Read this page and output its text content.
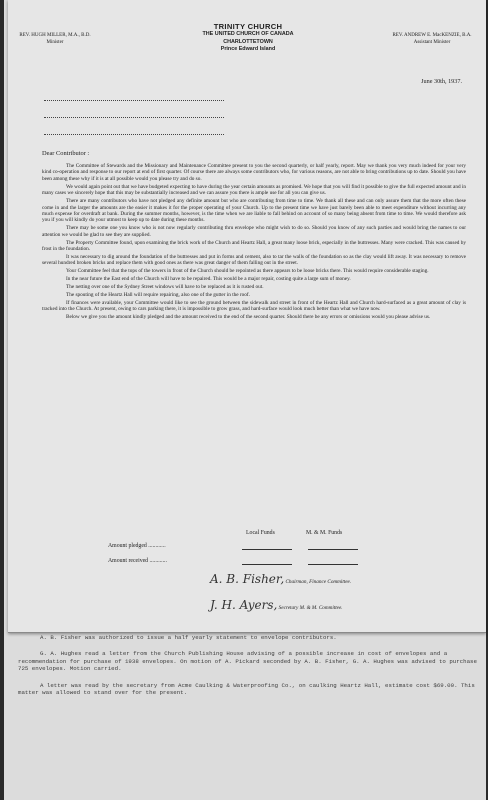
REV. HUGH MILLER, M.A., B.D.
Minister
TRINITY CHURCH
THE UNITED CHURCH OF CANADA
CHARLOTTETOWN
Prince Edward Island
REV. ANDREW E. MacKENZIE, B.A.
Assistant Minister
June 30th, 1937.
Dear Contributor :

The Committee of Stewards and the Missionary and Maintenance Committee present to you the second quarterly, or half yearly, report. May we thank you very much indeed for your very kind co-operation and response to our report at end of first quarter. Of course there are always some contributors who, for various reasons, are not able to bring contributions up to date. Should you have been among these why if it is at all possible would you please try and do so.

We would again point out that we have budgeted expecting to have during the year certain amounts as promised. We hope that you will find it possible to give the full expected amount and in many cases we sincerely hope that this may be substantially increased and we can assure you there is ample use for all you can give us.

There are many contributors who have not pledged any definite amount but who are contributing from time to time. We thank all these and can only assure them that the more often these come in and the larger the amounts are the easier it makes it for the proper operating of your Church. Up to the present time we have just barely been able to meet expenditure without incurring any much expense for overdraft at bank. During the summer months, however, is the time when we are liable to fall behind on account of so many being absent from time to time. We would therefore ask you if you will kindly do your utmost to keep up to date during these months.

There may be some one you know who is not now regularly contributing thru envelope who might wish to do so. Should you know of any such parties and would bring the names to our attention we would be glad to see they are supplied.

The Property Committee found, upon examining the brick work of the Church and Heartz Hall, a great many loose brick, especially in the buttresses. Many were cracked. This was caused by frost in the foundation.

It was necessary to dig around the foundation of the buttresses and put in forms and cement, also to tar the walls of the foundation so as the clay would lift away. It was necessary to remove several hundred broken bricks and replace them with good ones as there was great danger of them falling out in the street.

Your Committee feel that the tops of the towers in front of the Church should be repointed as there appears to be loose bricks there. This would require considerable staging.

In the near future the East end of the Church will have to be repaired. This would be a major repair, costing quite a large sum of money.

The netting over one of the Sydney Street windows will have to be replaced as it is rusted out.

The spouting of the Heartz Hall will require repairing, also one of the gutter in the roof.

If finances were available, your Committee would like to see the ground between the sidewalk and street in front of the Heartz Hall and Church hard-surfaced as a great amount of clay is tracked into the Church. At present, owing to cars parking there, it is impossible to grow grass, and hard-surface would look much better than what we have now.

Below we give you the amount kindly pledged and the amount received to the end of the second quarter. Should there be any errors or omissions would you please advise us.

Local Funds	M. & M. Funds
Amount pledged ............
Amount received ............
A. B. Fisher, Chairman, Finance Committee.
J. H. Ayers, Secretary M. & M. Committee.

A. B. Fisher was authorized to issue a half yearly statement to envelope contributors.

G. A. Hughes read a letter from the Church Publishing House advising of a possible increase in cost of envelopes and a recommendation for purchase of 1938 envelopes. On motion of A. Pickard seconded by A. B. Fisher, G. A. Hughes was advised to purchase 725 envelopes. Motion carried.

A letter was read by the secretary from Acme Caulking & Waterproofing Co., on caulking Heartz Hall, estimate cost $69.00. This matter was allowed to stand over for the present.
